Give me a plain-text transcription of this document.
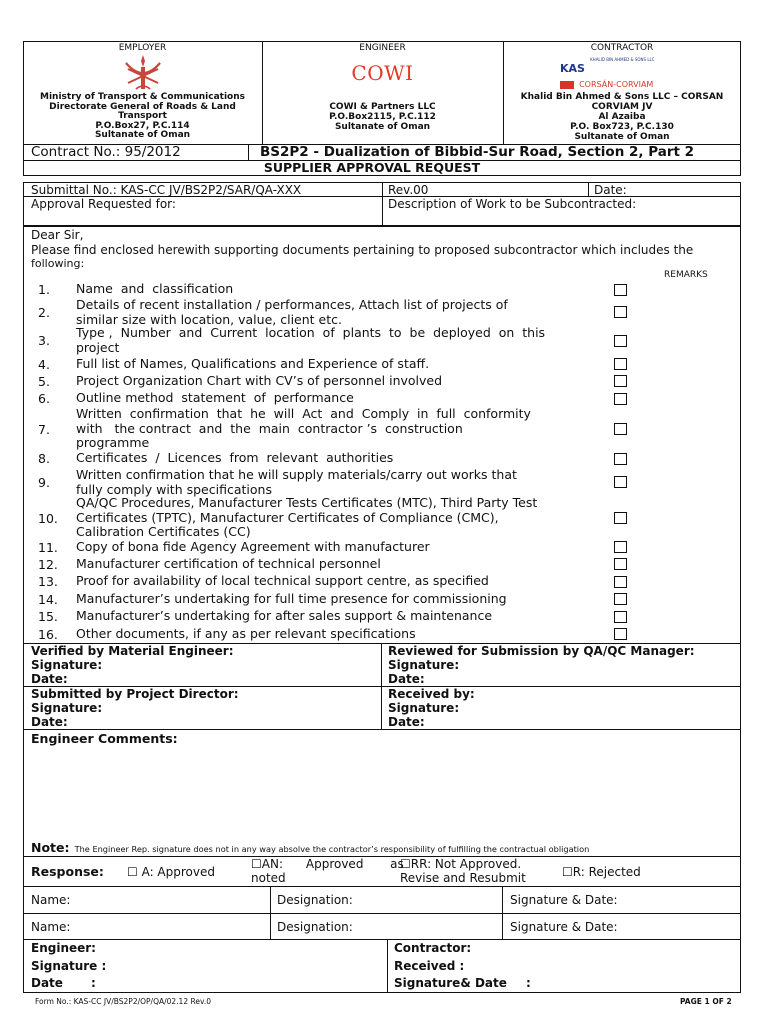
EMPLOYER
Ministry of Transport & Communications
Directorate General of Roads & Land
Transport
P.O.Box27, P.C.114
Sultanate of Oman
ENGINEER
COWI
COWI & Partners LLC
P.O.Box2115, P.C.112
Sultanate of Oman
CONTRACTOR
KAS $^{KHALID BIN AHMED \& SONS LLC}$
CORSÁN-CORVIAM
Khalid Bin Ahmed & Sons LLC – CORSAN
CORVIAM JV
Al Azaiba
P.O. Box723, P.C.130
Sultanate of Oman
Contract No.: 95/2012	BS2P2 - Dualization of Bibbid-Sur Road, Section 2, Part 2
SUPPLIER APPROVAL REQUEST
Submittal No.: KAS-CC JV/BS2P2/SAR/QA-XXX	Rev.00	Date:
Approval Requested for:	Description of Work to be Subcontracted:
Dear Sir,
Please find enclosed herewith supporting documents pertaining to proposed subcontractor which includes the
following:
REMARKS
1.	Name  and  classification
2.
Details of recent installation / performances, Attach list of projects of
similar size with location, value, client etc.
3.
Type ,  Number  and  Current  location  of  plants  to  be  deployed  on  this
project
4.	Full list of Names, Qualifications and Experience of staff.
5.	Project Organization Chart with CV’s of personnel involved
6.	Outline method  statement  of  performance
7.
Written  confirmation  that  he  will  Act  and  Comply  in  full  conformity
with   the contract  and  the  main  contractor ’s  construction
programme
8.	Certificates  /  Licences  from  relevant  authorities
9.
Written confirmation that he will supply materials/carry out works that
fully comply with specifications
10.
QA/QC Procedures, Manufacturer Tests Certificates (MTC), Third Party Test
Certificates (TPTC), Manufacturer Certificates of Compliance (CMC),
Calibration Certificates (CC)
11.	Copy of bona fide Agency Agreement with manufacturer
12.	Manufacturer certification of technical personnel
13.	Proof for availability of local technical support centre, as specified
14.	Manufacturer’s undertaking for full time presence for commissioning
15.	Manufacturer’s undertaking for after sales support & maintenance
16.	Other documents, if any as per relevant specifications
Verified by Material Engineer:
Signature:
Date:
Reviewed for Submission by QA/QC Manager:
Signature:
Date:
Submitted by Project Director:
Signature:
Date:
Received by:
Signature:
Date:
Engineer Comments:
Note: The Engineer Rep. signature does not in any way absolve the contractor’s responsibility of fulfilling the contractual obligation
Response: ☐ A: Approved
☐AN:      Approved       as
noted
☐RR: Not Approved.
Revise and Resubmit	☐R: Rejected
Name:	Designation:	Signature & Date:
Name:	Designation:	Signature & Date:
Engineer:
Signature :
Date :
Contractor:
Received :
Signature& Date :
Form No.: KAS-CC JV/BS2P2/OP/QA/02.12 Rev.0	PAGE 1 OF 2
